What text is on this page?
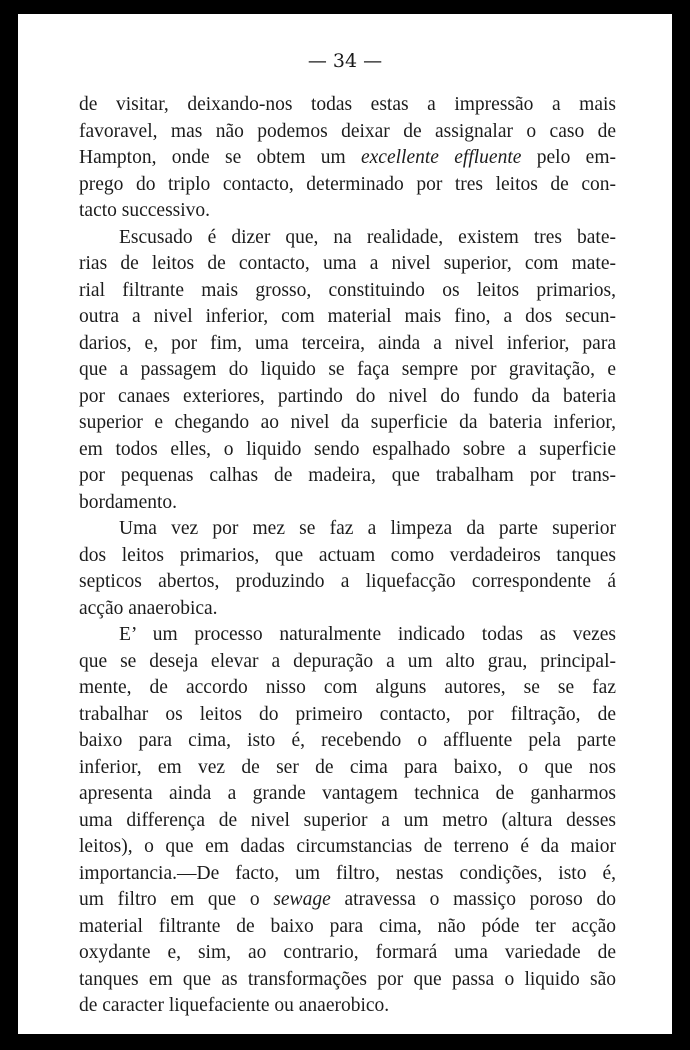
— 34 —
de visitar, deixando-nos todas estas a impressão a mais
favoravel, mas não podemos deixar de assignalar o caso de
Hampton, onde se obtem um excellente effluente pelo em-
prego do triplo contacto, determinado por tres leitos de con-
tacto successivo.
Escusado é dizer que, na realidade, existem tres bate-
rias de leitos de contacto, uma a nivel superior, com mate-
rial filtrante mais grosso, constituindo os leitos primarios,
outra a nivel inferior, com material mais fino, a dos secun-
darios, e, por fim, uma terceira, ainda a nivel inferior, para
que a passagem do liquido se faça sempre por gravitação, e
por canaes exteriores, partindo do nivel do fundo da bateria
superior e chegando ao nivel da superficie da bateria inferior,
em todos elles, o liquido sendo espalhado sobre a superficie
por pequenas calhas de madeira, que trabalham por trans-
bordamento.
Uma vez por mez se faz a limpeza da parte superior
dos leitos primarios, que actuam como verdadeiros tanques
septicos abertos, produzindo a liquefacção correspondente á
acção anaerobica.
E’ um processo naturalmente indicado todas as vezes
que se deseja elevar a depuração a um alto grau, principal-
mente, de accordo nisso com alguns autores, se se faz
trabalhar os leitos do primeiro contacto, por filtração, de
baixo para cima, isto é, recebendo o affluente pela parte
inferior, em vez de ser de cima para baixo, o que nos
apresenta ainda a grande vantagem technica de ganharmos
uma differença de nivel superior a um metro (altura desses
leitos), o que em dadas circumstancias de terreno é da maior
importancia.—De facto, um filtro, nestas condições, isto é,
um filtro em que o sewage atravessa o massiço poroso do
material filtrante de baixo para cima, não póde ter acção
oxydante e, sim, ao contrario, formará uma variedade de
tanques em que as transformações por que passa o liquido são
de caracter liquefaciente ou anaerobico.
